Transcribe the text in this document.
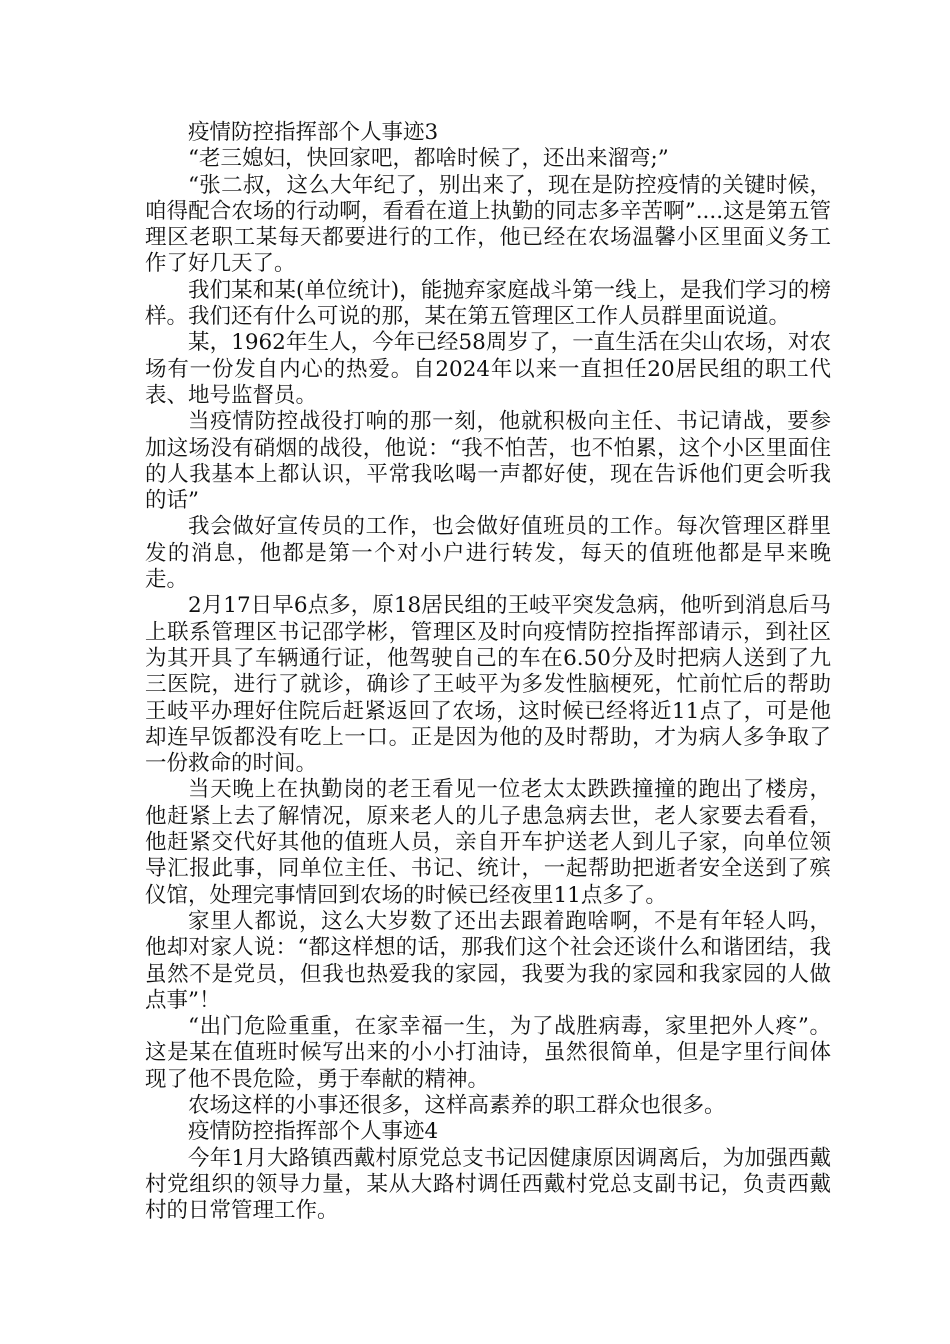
疫情防控指挥部个人事迹3

“老三媳妇，快回家吧，都啥时候了，还出来溜弯;”

“张二叔，这么大年纪了，别出来了，现在是防控疫情的关键时候，咱得配合农场的行动啊，看看在道上执勤的同志多辛苦啊”....这是第五管理区老职工某每天都要进行的工作，他已经在农场温馨小区里面义务工作了好几天了。

我们某和某(单位统计)，能抛弃家庭战斗第一线上，是我们学习的榜样。我们还有什么可说的那，某在第五管理区工作人员群里面说道。

某，1962年生人，今年已经58周岁了，一直生活在尖山农场，对农场有一份发自内心的热爱。自2024年以来一直担任20居民组的职工代表、地号监督员。

当疫情防控战役打响的那一刻，他就积极向主任、书记请战，要参加这场没有硝烟的战役，他说：“我不怕苦，也不怕累，这个小区里面住的人我基本上都认识，平常我吆喝一声都好使，现在告诉他们更会听我的话”

我会做好宣传员的工作，也会做好值班员的工作。每次管理区群里发的消息，他都是第一个对小户进行转发，每天的值班他都是早来晚走。

2月17日早6点多，原18居民组的王岐平突发急病，他听到消息后马上联系管理区书记邵学彬，管理区及时向疫情防控指挥部请示，到社区为其开具了车辆通行证，他驾驶自己的车在6.50分及时把病人送到了九三医院，进行了就诊，确诊了王岐平为多发性脑梗死，忙前忙后的帮助王岐平办理好住院后赶紧返回了农场，这时候已经将近11点了，可是他却连早饭都没有吃上一口。正是因为他的及时帮助，才为病人多争取了一份救命的时间。

当天晚上在执勤岗的老王看见一位老太太跌跌撞撞的跑出了楼房，他赶紧上去了解情况，原来老人的儿子患急病去世，老人家要去看看，他赶紧交代好其他的值班人员，亲自开车护送老人到儿子家，向单位领导汇报此事，同单位主任、书记、统计，一起帮助把逝者安全送到了殡仪馆，处理完事情回到农场的时候已经夜里11点多了。

家里人都说，这么大岁数了还出去跟着跑啥啊，不是有年轻人吗，他却对家人说：“都这样想的话，那我们这个社会还谈什么和谐团结，我虽然不是党员，但我也热爱我的家园，我要为我的家园和我家园的人做点事”！

“出门危险重重，在家幸福一生，为了战胜病毒，家里把外人疼”。这是某在值班时候写出来的小小打油诗，虽然很简单，但是字里行间体现了他不畏危险，勇于奉献的精神。

农场这样的小事还很多，这样高素养的职工群众也很多。

疫情防控指挥部个人事迹4

今年1月大路镇西戴村原党总支书记因健康原因调离后，为加强西戴村党组织的领导力量，某从大路村调任西戴村党总支副书记，负责西戴村的日常管理工作。
